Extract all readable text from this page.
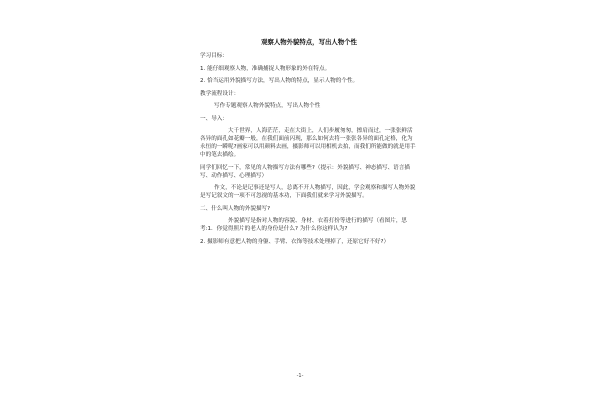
观察人物外貌特点，写出人物个性
学习目标：
1. 能仔细观察人物，准确捕捉人物形象的外在特点。
2. 恰当运用外貌描写方法，写出人物的特点，显示人物的个性。
教学流程设计：
写作专题观察人物外貌特点，写出人物个性
一、导入：
大千世界，人海茫茫，走在大街上，人们步履匆匆，擦肩而过，一张张鲜活各异的面孔如花瓣一般，在我们面前闪现，那么如何去将一张张各异的面孔定格，化为永恒的一瞬呢?画家可以用颜料去画，摄影师可以用相机去拍，而我们所能做的就是用手中的笔去描绘。
同学们回忆一下，常见的人物描写方法有哪些?（提示：外貌描写、神态描写、语言描写、动作描写、心理描写）
作文，不论是记事还是写人，总离不开人物描写，因此，学会观察和描写人物外貌是写记叙文的一项不可忽视的基本功，下面我们就来学习外貌描写。
二、什么叫人物的外貌描写?
外貌描写是指对人物的容貌、身材、衣着打扮等进行的描写（看图片，思考:1．你觉得照片的老人的身份是什么? 为什么你这样认为?
2. 摄影师有意把人物的身躯、手臂、衣饰等技术处理掉了，还原它好不好?）
-1-
